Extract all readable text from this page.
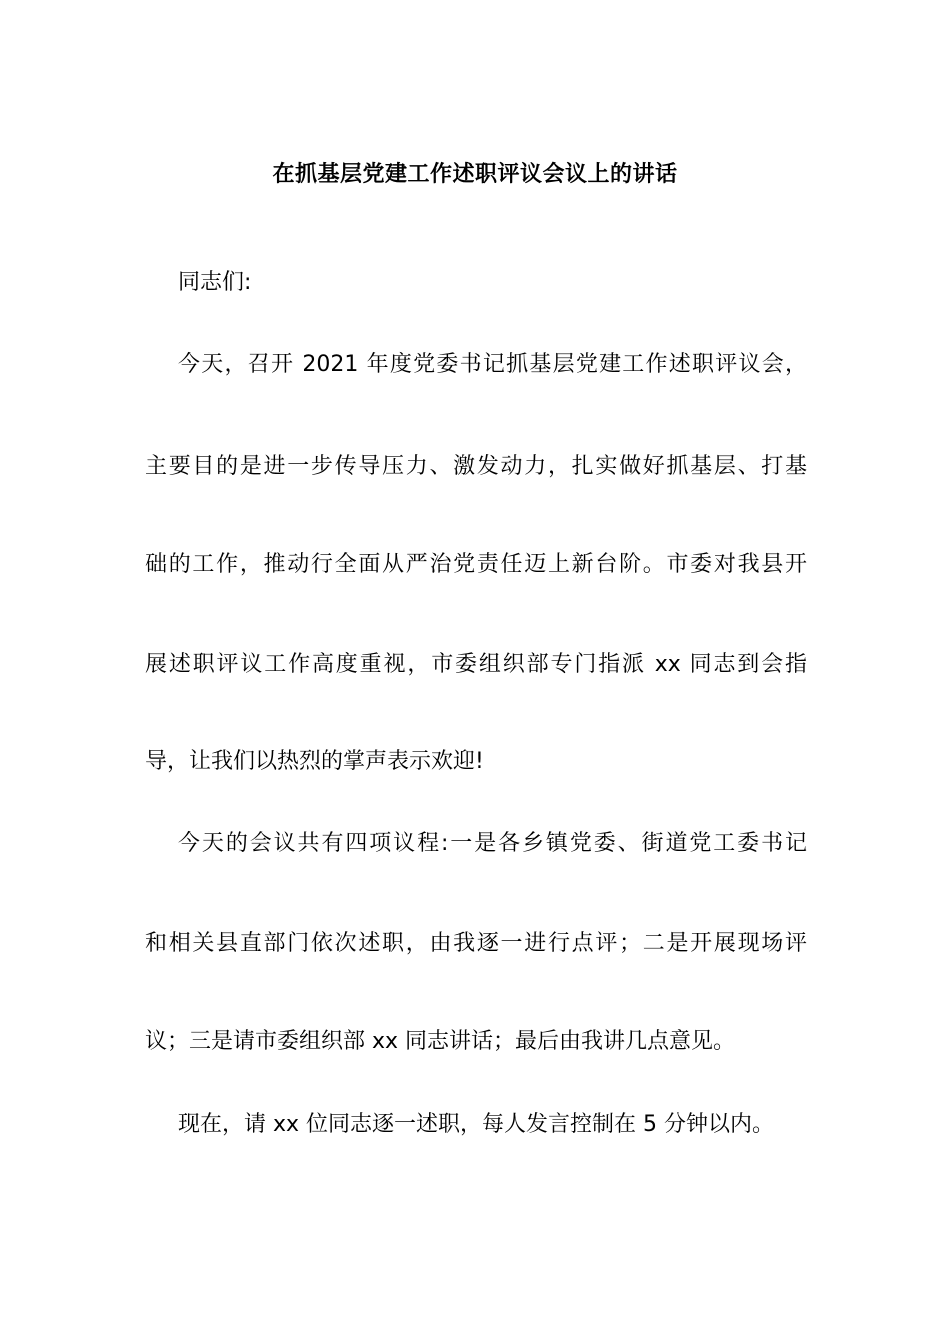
在抓基层党建工作述职评议会议上的讲话
同志们:
今天，召开 2021 年度党委书记抓基层党建工作述职评议会，
主要目的是进一步传导压力、激发动力，扎实做好抓基层、打基
础的工作，推动行全面从严治党责任迈上新台阶。市委对我县开
展述职评议工作高度重视，市委组织部专门指派 xx 同志到会指
导，让我们以热烈的掌声表示欢迎!
今天的会议共有四项议程:一是各乡镇党委、街道党工委书记
和相关县直部门依次述职，由我逐一进行点评；二是开展现场评
议；三是请市委组织部 xx 同志讲话；最后由我讲几点意见。
现在，请 xx 位同志逐一述职，每人发言控制在 5 分钟以内。
